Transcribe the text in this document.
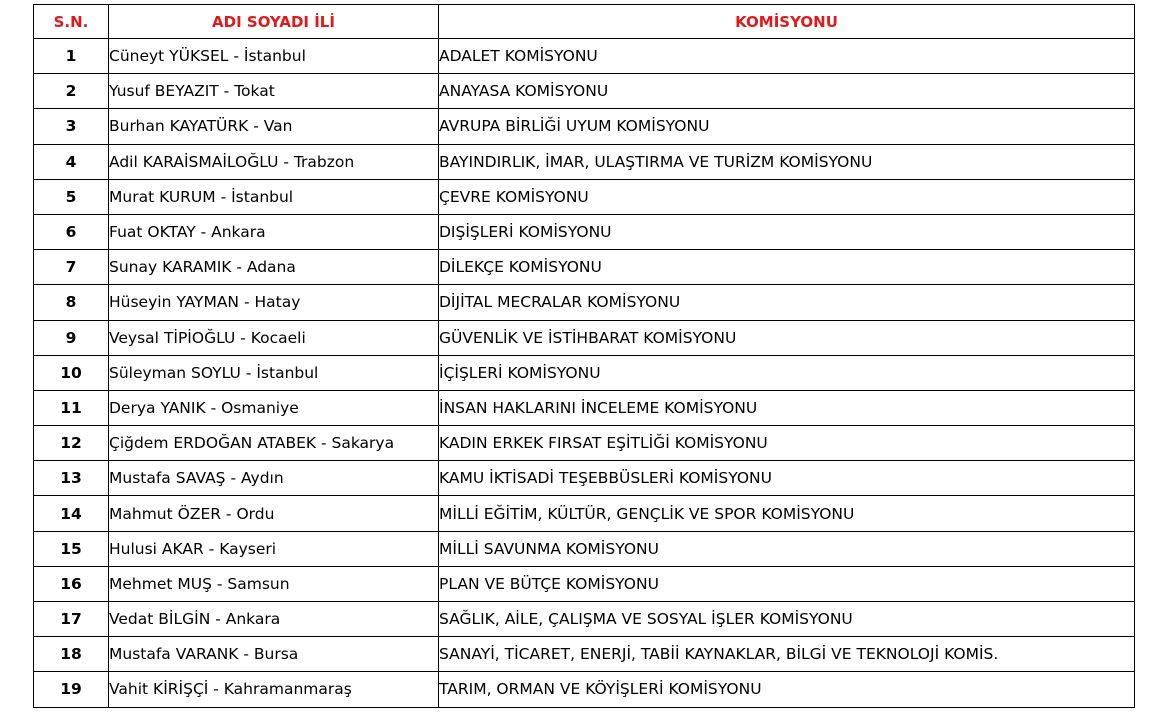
S.N.	ADI SOYADI İLİ	KOMİSYONU
1	Cüneyt YÜKSEL - İstanbul	ADALET KOMİSYONU
2	Yusuf BEYAZIT - Tokat	ANAYASA KOMİSYONU
3	Burhan KAYATÜRK - Van	AVRUPA BİRLİĞİ UYUM KOMİSYONU
4	Adil KARAİSMAİLOĞLU - Trabzon	BAYINDIRLIK, İMAR, ULAŞTIRMA VE TURİZM KOMİSYONU
5	Murat KURUM - İstanbul	ÇEVRE KOMİSYONU
6	Fuat OKTAY - Ankara	DIŞİŞLERİ KOMİSYONU
7	Sunay KARAMIK - Adana	DİLEKÇE KOMİSYONU
8	Hüseyin YAYMAN - Hatay	DİJİTAL MECRALAR KOMİSYONU
9	Veysal TİPİOĞLU - Kocaeli	GÜVENLİK VE İSTİHBARAT KOMİSYONU
10	Süleyman SOYLU - İstanbul	İÇİŞLERİ KOMİSYONU
11	Derya YANIK - Osmaniye	İNSAN HAKLARINI İNCELEME KOMİSYONU
12	Çiğdem ERDOĞAN ATABEK - Sakarya	KADIN ERKEK FIRSAT EŞİTLİĞİ KOMİSYONU
13	Mustafa SAVAŞ - Aydın	KAMU İKTİSADİ TEŞEBBÜSLERİ KOMİSYONU
14	Mahmut ÖZER - Ordu	MİLLİ EĞİTİM, KÜLTÜR, GENÇLİK VE SPOR KOMİSYONU
15	Hulusi AKAR - Kayseri	MİLLİ SAVUNMA KOMİSYONU
16	Mehmet MUŞ - Samsun	PLAN VE BÜTÇE KOMİSYONU
17	Vedat BİLGİN - Ankara	SAĞLIK, AİLE, ÇALIŞMA VE SOSYAL İŞLER KOMİSYONU
18	Mustafa VARANK - Bursa	SANAYİ, TİCARET, ENERJİ, TABİİ KAYNAKLAR, BİLGİ VE TEKNOLOJİ KOMİS.
19	Vahit KİRİŞÇİ - Kahramanmaraş	TARIM, ORMAN VE KÖYİŞLERİ KOMİSYONU
